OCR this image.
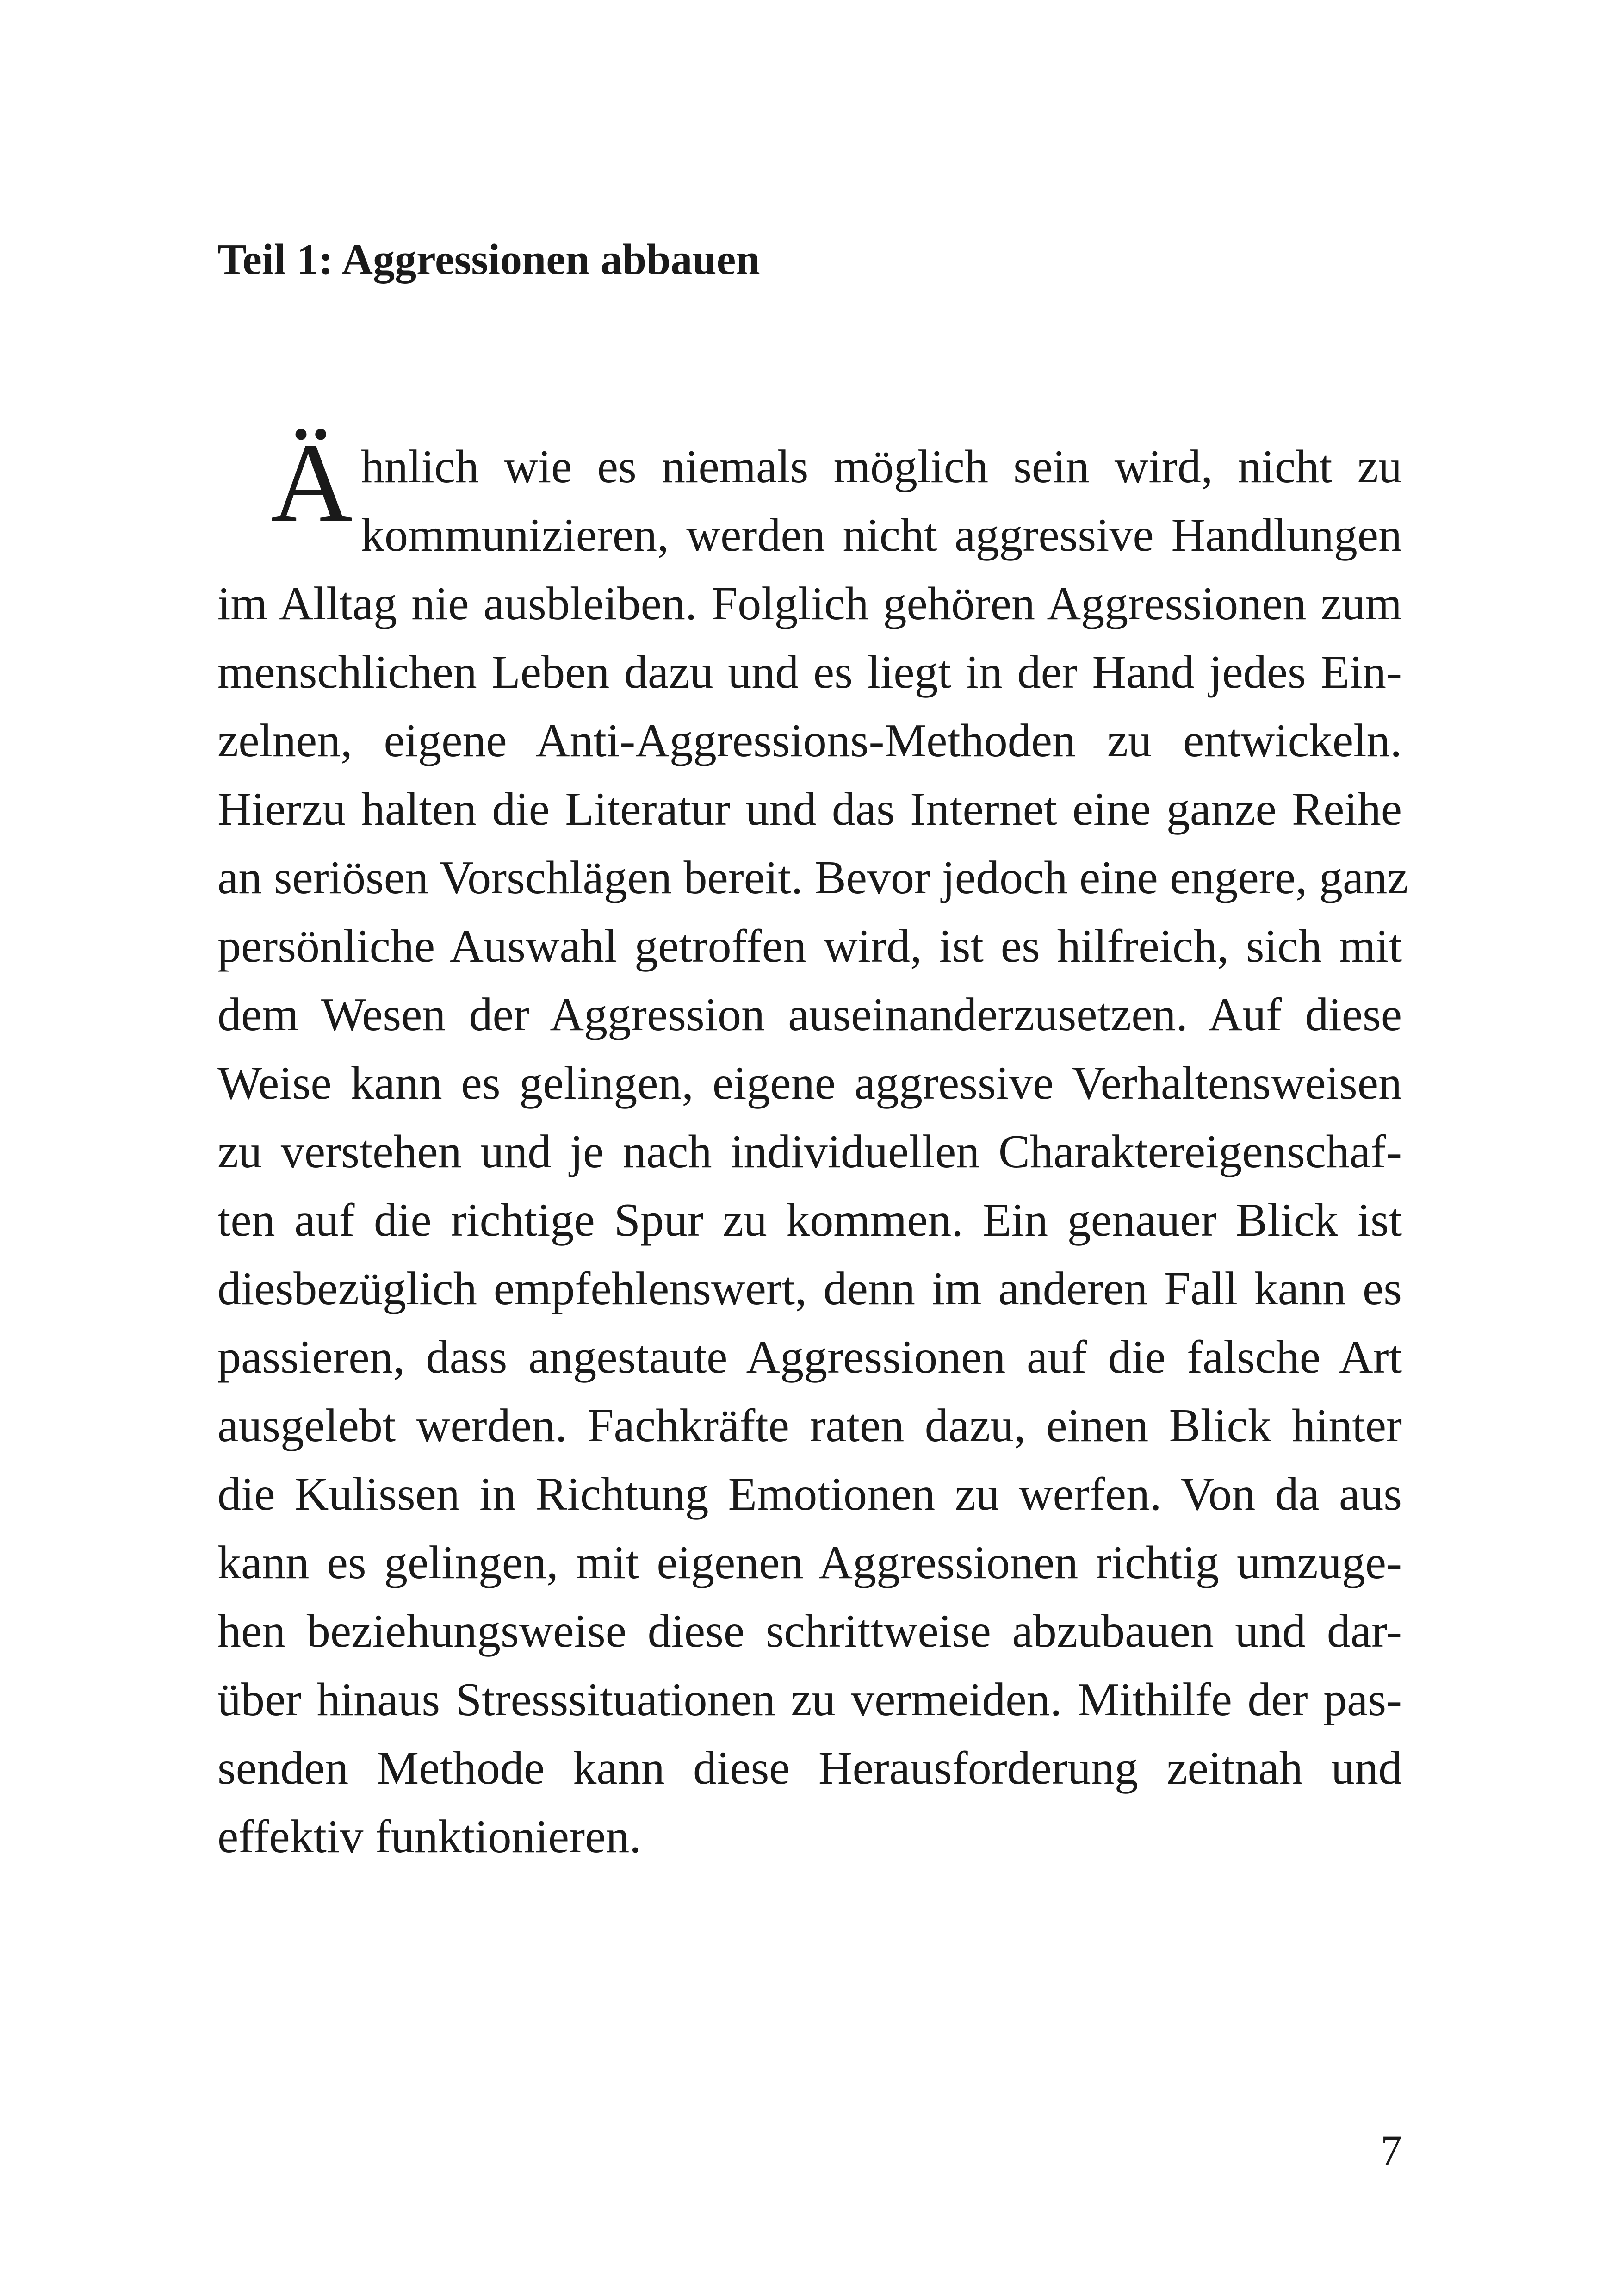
Teil 1: Aggressionen abbauen
Ä hnlich wie es niemals möglich sein wird, nicht zu
kommunizieren, werden nicht aggressive Handlungen
im Alltag nie ausbleiben. Folglich gehören Aggressionen zum
menschlichen Leben dazu und es liegt in der Hand jedes Ein-
zelnen, eigene Anti-Aggressions-Methoden zu entwickeln.
Hierzu halten die Literatur und das Internet eine ganze Reihe
an seriösen Vorschlägen bereit. Bevor jedoch eine engere, ganz
persönliche Auswahl getroffen wird, ist es hilfreich, sich mit
dem Wesen der Aggression auseinanderzusetzen. Auf diese
Weise kann es gelingen, eigene aggressive Verhaltensweisen
zu verstehen und je nach individuellen Charaktereigenschaf-
ten auf die richtige Spur zu kommen. Ein genauer Blick ist
diesbezüglich empfehlenswert, denn im anderen Fall kann es
passieren, dass angestaute Aggressionen auf die falsche Art
ausgelebt werden. Fachkräfte raten dazu, einen Blick hinter
die Kulissen in Richtung Emotionen zu werfen. Von da aus
kann es gelingen, mit eigenen Aggressionen richtig umzuge-
hen beziehungsweise diese schrittweise abzubauen und dar-
über hinaus Stresssituationen zu vermeiden. Mithilfe der pas-
senden Methode kann diese Herausforderung zeitnah und
effektiv funktionieren.
7
